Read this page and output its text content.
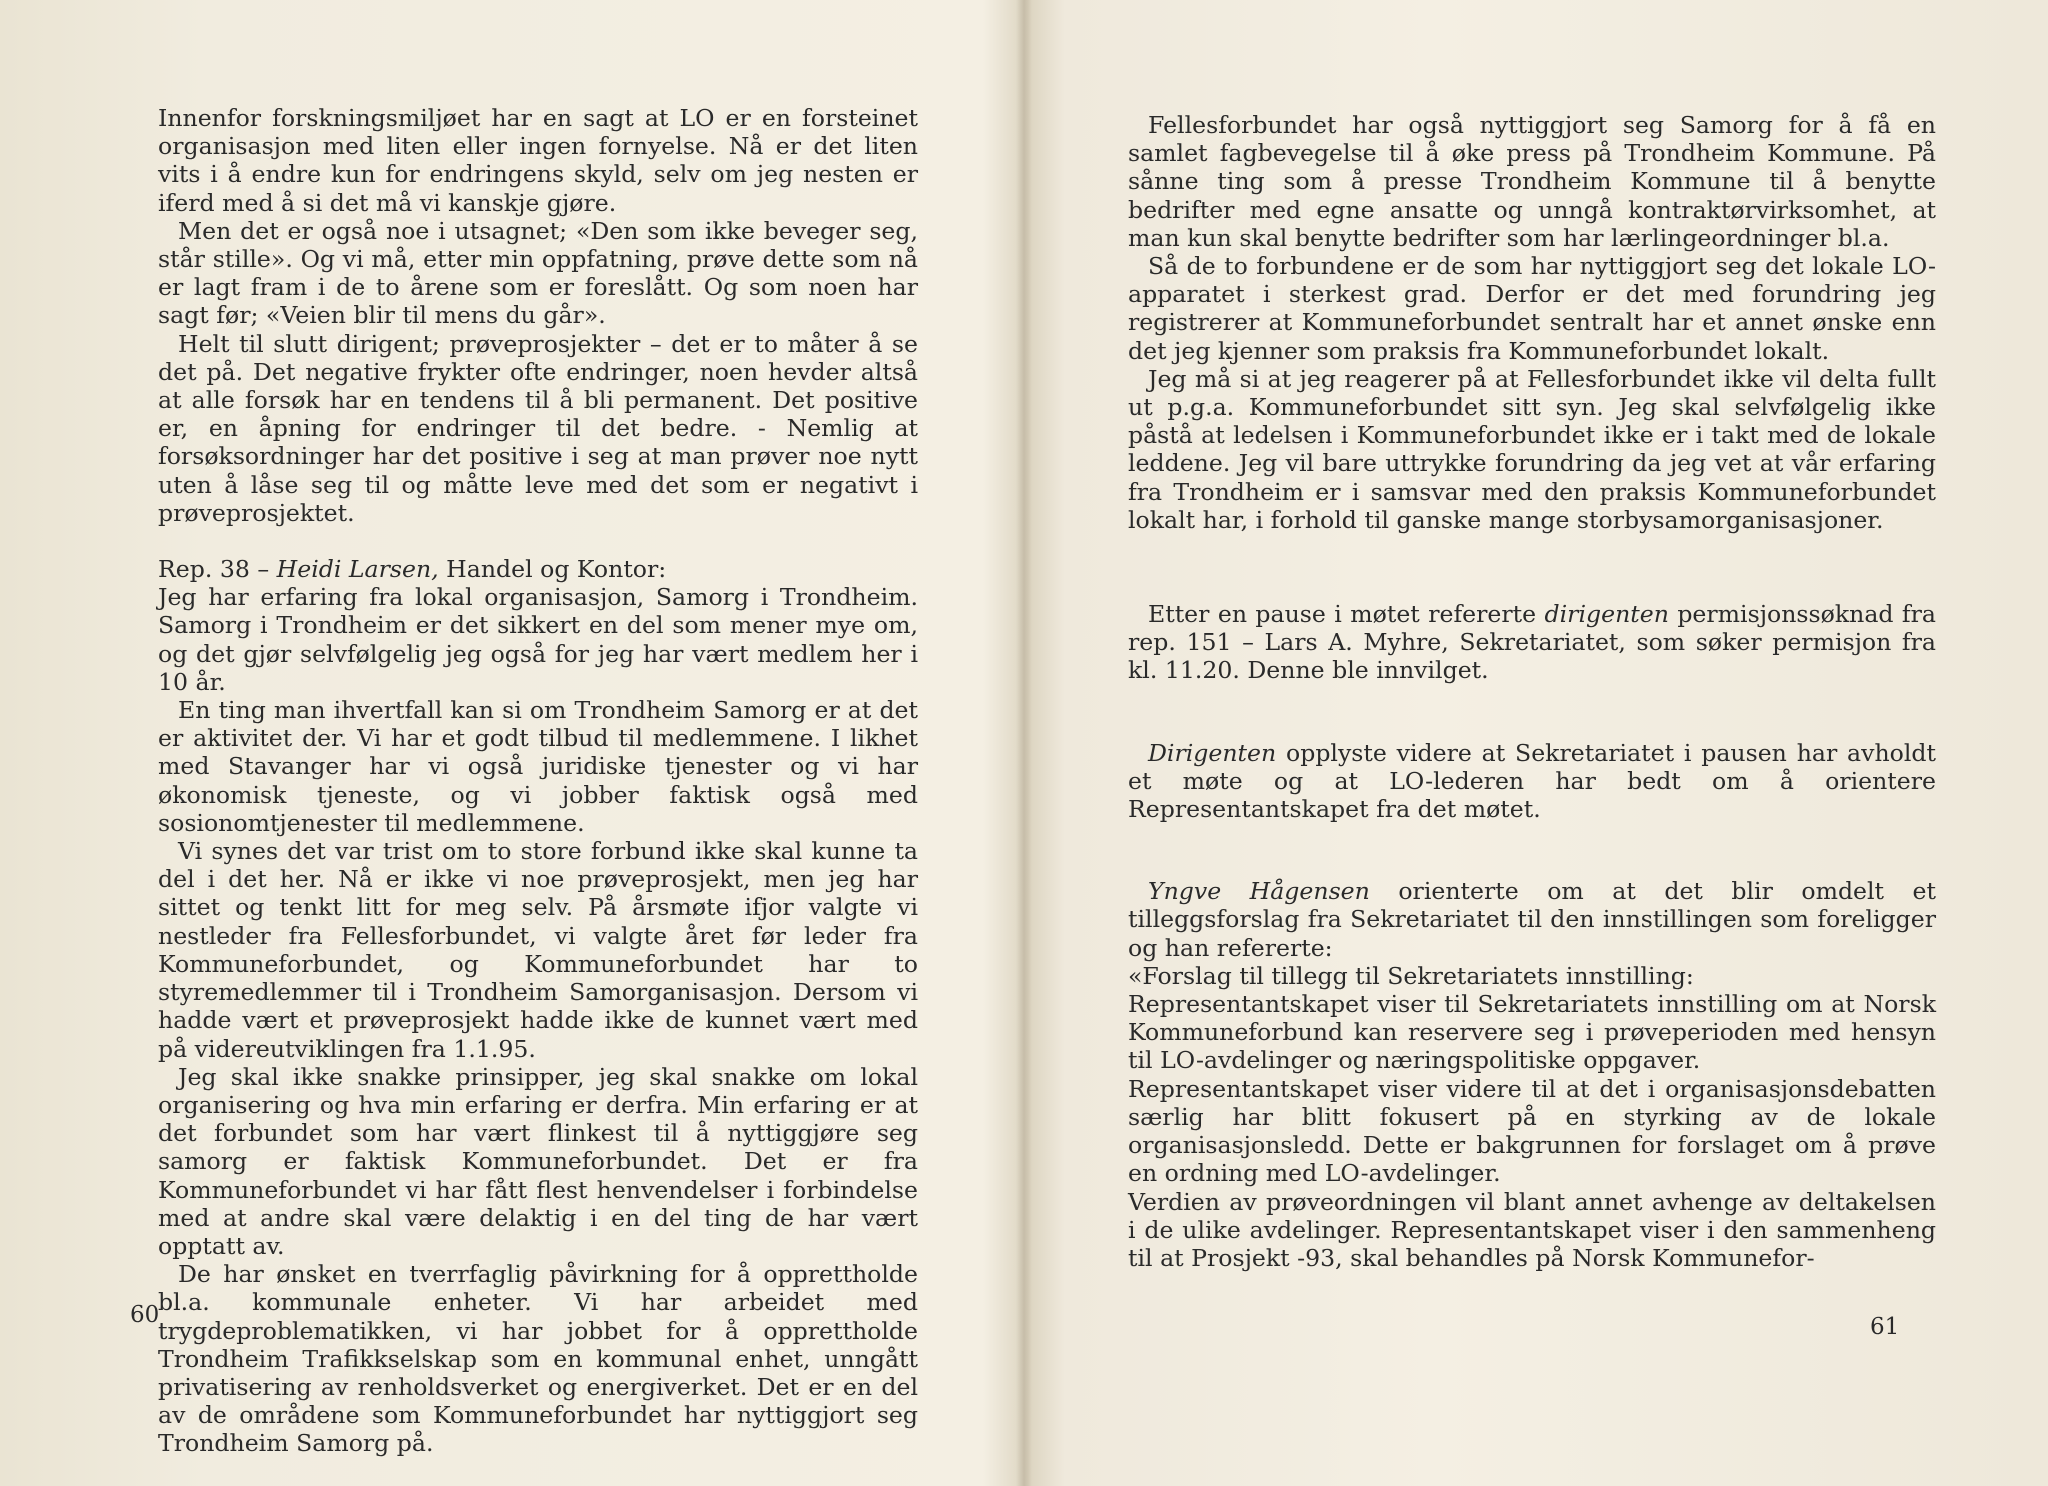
Innenfor forskningsmiljøet har en sagt at LO er en forsteinet organisasjon med liten eller ingen fornyelse. Nå er det liten vits i å endre kun for endringens skyld, selv om jeg nesten er iferd med å si det må vi kanskje gjøre.

Men det er også noe i utsagnet; «Den som ikke beveger seg, står stille». Og vi må, etter min oppfatning, prøve dette som nå er lagt fram i de to årene som er foreslått. Og som noen har sagt før; «Veien blir til mens du går».

Helt til slutt dirigent; prøveprosjekter – det er to måter å se det på. Det negative frykter ofte endringer, noen hevder altså at alle forsøk har en tendens til å bli permanent. Det positive er, en åpning for endringer til det bedre. - Nemlig at forsøksordninger har det positive i seg at man prøver noe nytt uten å låse seg til og måtte leve med det som er negativt i prøveprosjektet.

Rep. 38 – Heidi Larsen, Handel og Kontor:

Jeg har erfaring fra lokal organisasjon, Samorg i Trondheim. Samorg i Trondheim er det sikkert en del som mener mye om, og det gjør selvfølgelig jeg også for jeg har vært medlem her i 10 år.

En ting man ihvertfall kan si om Trondheim Samorg er at det er aktivitet der. Vi har et godt tilbud til medlemmene. I likhet med Stavanger har vi også juridiske tjenester og vi har økonomisk tjeneste, og vi jobber faktisk også med sosionomtjenester til medlemmene.

Vi synes det var trist om to store forbund ikke skal kunne ta del i det her. Nå er ikke vi noe prøveprosjekt, men jeg har sittet og tenkt litt for meg selv. På årsmøte ifjor valgte vi nestleder fra Fellesforbundet, vi valgte året før leder fra Kommuneforbundet, og Kommuneforbundet har to styremedlemmer til i Trondheim Samorganisasjon. Dersom vi hadde vært et prøveprosjekt hadde ikke de kunnet vært med på videreutviklingen fra 1.1.95.

Jeg skal ikke snakke prinsipper, jeg skal snakke om lokal organisering og hva min erfaring er derfra. Min erfaring er at det forbundet som har vært flinkest til å nyttiggjøre seg samorg er faktisk Kommuneforbundet. Det er fra Kommuneforbundet vi har fått flest henvendelser i forbindelse med at andre skal være delaktig i en del ting de har vært opptatt av.

De har ønsket en tverrfaglig påvirkning for å opprettholde bl.a. kommunale enheter. Vi har arbeidet med trygdeproblematikken, vi har jobbet for å opprettholde Trondheim Trafikkselskap som en kommunal enhet, unngått privatisering av renholdsverket og energiverket. Det er en del av de områdene som Kommuneforbundet har nyttiggjort seg Trondheim Samorg på.

60

Fellesforbundet har også nyttiggjort seg Samorg for å få en samlet fagbevegelse til å øke press på Trondheim Kommune. På sånne ting som å presse Trondheim Kommune til å benytte bedrifter med egne ansatte og unngå kontraktørvirksomhet, at man kun skal benytte bedrifter som har lærlingeordninger bl.a.

Så de to forbundene er de som har nyttiggjort seg det lokale LO-apparatet i sterkest grad. Derfor er det med forundring jeg registrerer at Kommuneforbundet sentralt har et annet ønske enn det jeg kjenner som praksis fra Kommuneforbundet lokalt.

Jeg må si at jeg reagerer på at Fellesforbundet ikke vil delta fullt ut p.g.a. Kommuneforbundet sitt syn. Jeg skal selvfølgelig ikke påstå at ledelsen i Kommuneforbundet ikke er i takt med de lokale leddene. Jeg vil bare uttrykke forundring da jeg vet at vår erfaring fra Trondheim er i samsvar med den praksis Kommuneforbundet lokalt har, i forhold til ganske mange storbysamorganisasjoner.

Etter en pause i møtet refererte dirigenten permisjonssøknad fra rep. 151 – Lars A. Myhre, Sekretariatet, som søker permisjon fra kl. 11.20. Denne ble innvilget.

Dirigenten opplyste videre at Sekretariatet i pausen har avholdt et møte og at LO-lederen har bedt om å orientere Representantskapet fra det møtet.

Yngve Hågensen orienterte om at det blir omdelt et tilleggsforslag fra Sekretariatet til den innstillingen som foreligger og han refererte:

«Forslag til tillegg til Sekretariatets innstilling:

Representantskapet viser til Sekretariatets innstilling om at Norsk Kommuneforbund kan reservere seg i prøveperioden med hensyn til LO-avdelinger og næringspolitiske oppgaver.

Representantskapet viser videre til at det i organisasjonsdebatten særlig har blitt fokusert på en styrking av de lokale organisasjonsledd. Dette er bakgrunnen for forslaget om å prøve en ordning med LO-avdelinger.

Verdien av prøveordningen vil blant annet avhenge av deltakelsen i de ulike avdelinger. Representantskapet viser i den sammenheng til at Prosjekt -93, skal behandles på Norsk Kommunefor-

61
